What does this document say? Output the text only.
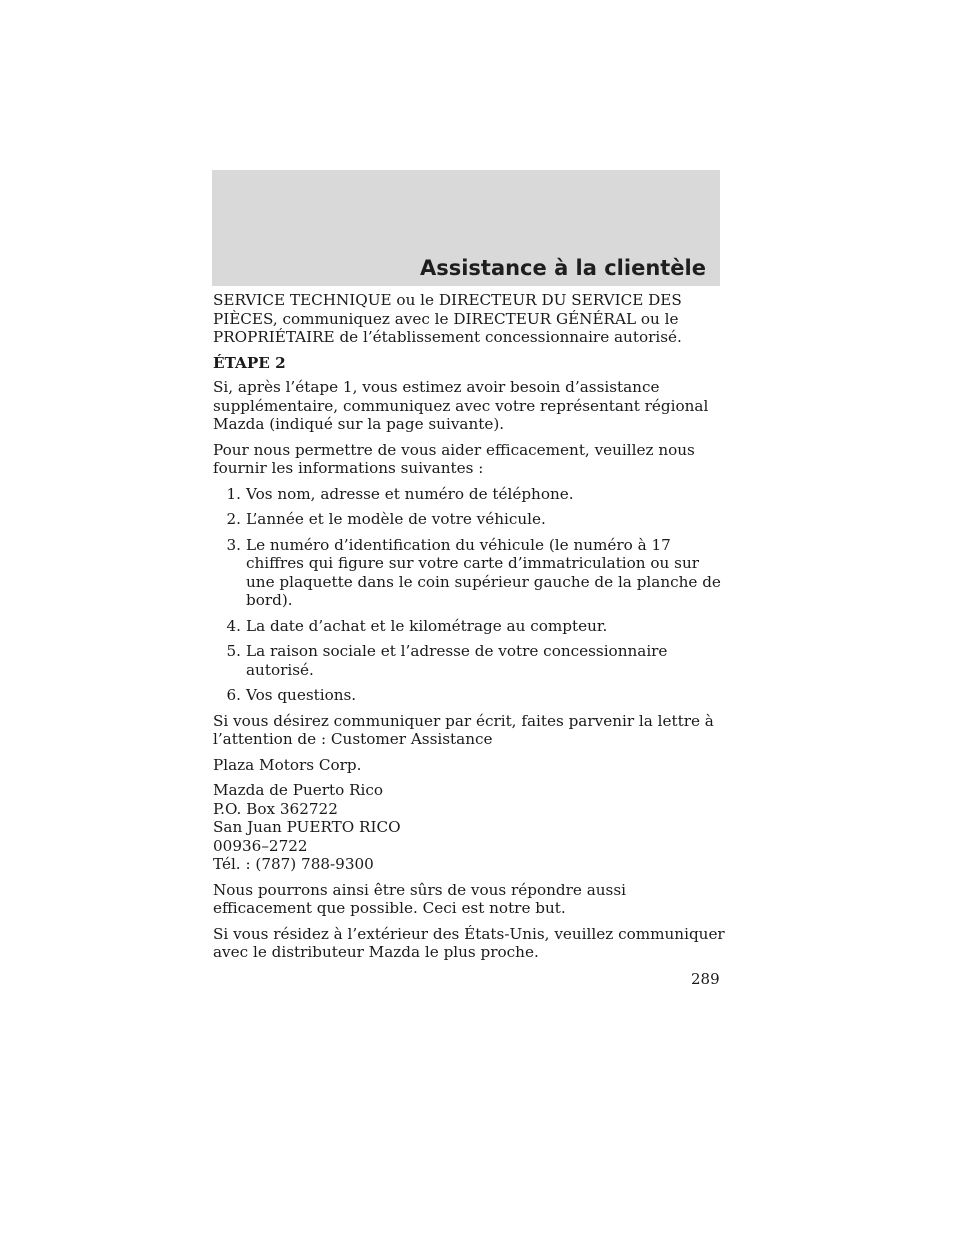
Assistance à la clientèle

SERVICE TECHNIQUE ou le DIRECTEUR DU SERVICE DES PIÈCES, communiquez avec le DIRECTEUR GÉNÉRAL ou le PROPRIÉTAIRE de l’établissement concessionnaire autorisé.

ÉTAPE 2

Si, après l’étape 1, vous estimez avoir besoin d’assistance supplémentaire, communiquez avec votre représentant régional Mazda (indiqué sur la page suivante).

Pour nous permettre de vous aider efficacement, veuillez nous fournir les informations suivantes :

1. Vos nom, adresse et numéro de téléphone.
2. L’année et le modèle de votre véhicule.
3. Le numéro d’identification du véhicule (le numéro à 17 chiffres qui figure sur votre carte d’immatriculation ou sur une plaquette dans le coin supérieur gauche de la planche de bord).
4. La date d’achat et le kilométrage au compteur.
5. La raison sociale et l’adresse de votre concessionnaire autorisé.
6. Vos questions.

Si vous désirez communiquer par écrit, faites parvenir la lettre à l’attention de : Customer Assistance

Plaza Motors Corp.

Mazda de Puerto Rico
P.O. Box 362722
San Juan PUERTO RICO
00936–2722
Tél. : (787) 788-9300

Nous pourrons ainsi être sûrs de vous répondre aussi efficacement que possible. Ceci est notre but.

Si vous résidez à l’extérieur des États-Unis, veuillez communiquer avec le distributeur Mazda le plus proche.

289
